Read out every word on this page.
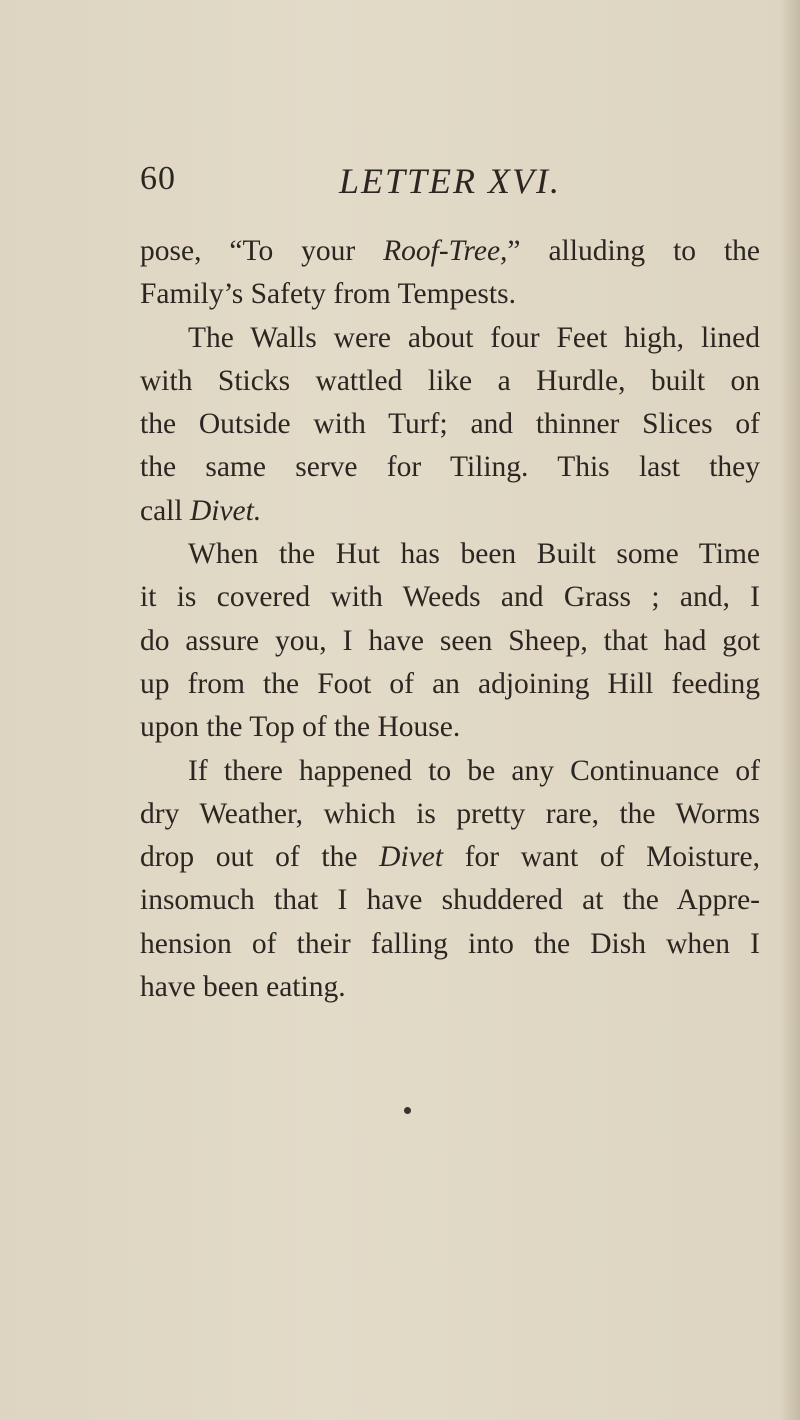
60	LETTER XVI.
pose, “To your Roof-Tree,” alluding to the
Family’s Safety from Tempests.
The Walls were about four Feet high, lined
with Sticks wattled like a Hurdle, built on
the Outside with Turf; and thinner Slices of
the same serve for Tiling. This last they
call Divet.
When the Hut has been Built some Time
it is covered with Weeds and Grass ; and, I
do assure you, I have seen Sheep, that had got
up from the Foot of an adjoining Hill feeding
upon the Top of the House.
If there happened to be any Continuance of
dry Weather, which is pretty rare, the Worms
drop out of the Divet for want of Moisture,
insomuch that I have shuddered at the Appre-
hension of their falling into the Dish when I
have been eating.
